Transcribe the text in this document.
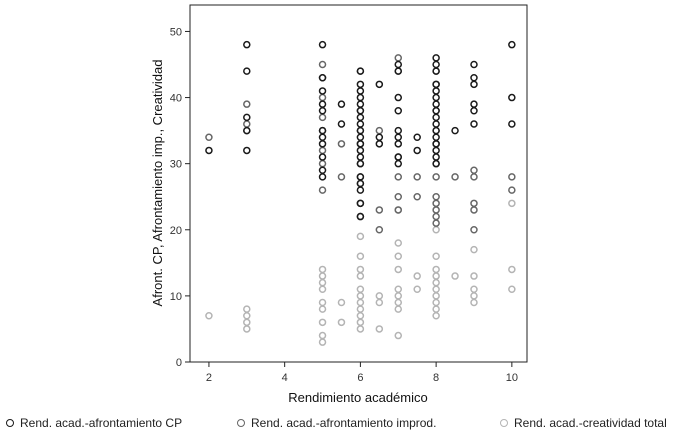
0
10
20
30
40
50
2	4	6	8	10
Rendimiento académico
Afront. CP, Afrontamiento imp., Creatividad
Rend. acad.-afrontamiento CP	Rend. acad.-afrontamiento improd.	Rend. acad.-creatividad total
